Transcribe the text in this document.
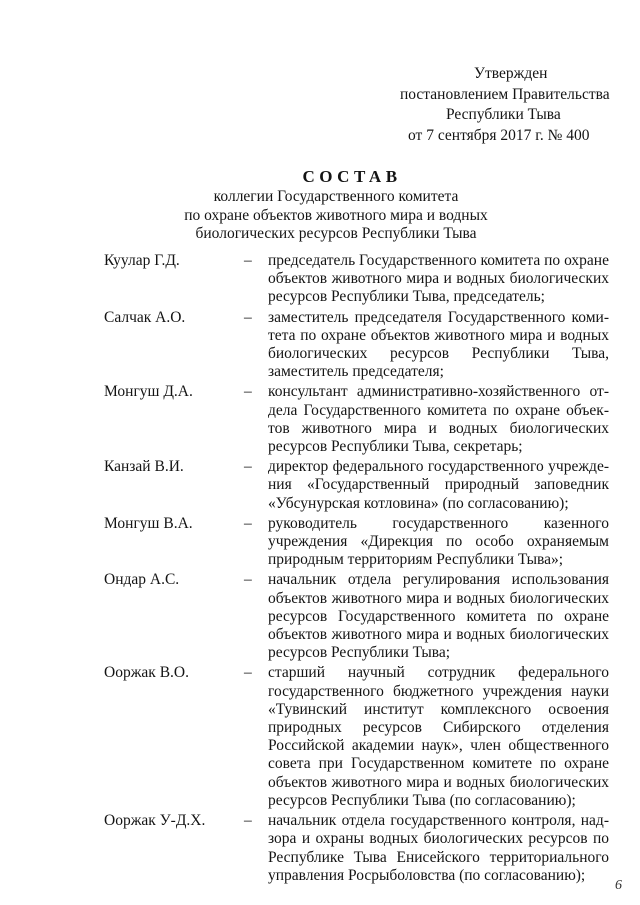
Утвержден
постановлением Правительства
Республики Тыва
от 7 сентября 2017 г. № 400
СОСТАВ
коллегии Государственного комитета
по охране объектов животного мира и водных
биологических ресурсов Республики Тыва
Куулар Г.Д.	– председатель Государственного комитета по охране объектов животного мира и водных биологических ресурсов Республики Тыва, председатель;
Салчак А.О.	– заместитель председателя Государственного комитета по охране объектов животного мира и водных биологических ресурсов Республики Тыва, заместитель председателя;
Монгуш Д.А.	– консультант административно-хозяйственного отдела Государственного комитета по охране объектов животного мира и водных биологических ресурсов Республики Тыва, секретарь;
Канзай В.И.	– директор федерального государственного учреждения «Государственный природный заповедник «Убсунурская котловина» (по согласованию);
Монгуш В.А.	– руководитель государственного казенного учреждения «Дирекция по особо охраняемым природным территориям Республики Тыва»;
Ондар А.С.	– начальник отдела регулирования использования объектов животного мира и водных биологических ресурсов Государственного комитета по охране объектов животного мира и водных биологических ресурсов Республики Тыва;
Ооржак В.О.	– старший научный сотрудник федерального государственного бюджетного учреждения науки «Тувинский институт комплексного освоения природных ресурсов Сибирского отделения Российской академии наук», член общественного совета при Государственном комитете по охране объектов животного мира и водных биологических ресурсов Республики Тыва (по согласованию);
Ооржак У-Д.Х. – начальник отдела государственного контроля, надзора и охраны водных биологических ресурсов по Республике Тыва Енисейского территориального управления Росрыболовства (по согласованию);
6
